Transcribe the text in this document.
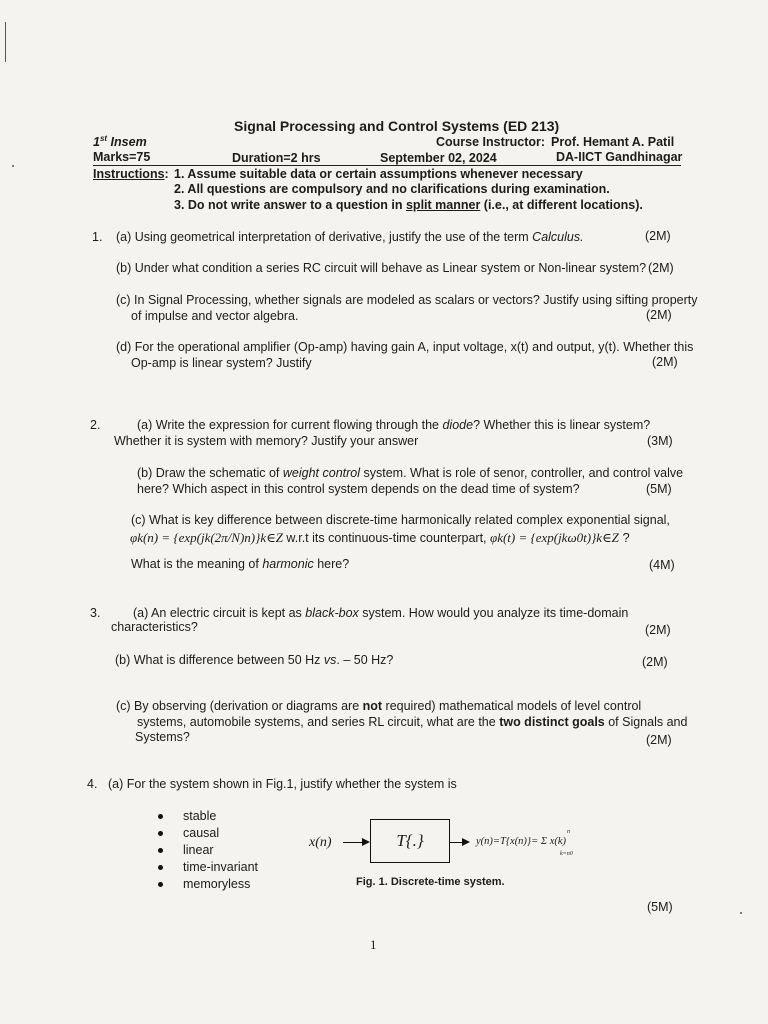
Signal Processing and Control Systems (ED 213)
1st Insem	Course Instructor: Prof. Hemant A. Patil
Marks=75	Duration=2 hrs	September 02, 2024	DA-IICT Gandhinagar
Instructions: 1. Assume suitable data or certain assumptions whenever necessary
2. All questions are compulsory and no clarifications during examination.
3. Do not write answer to a question in split manner (i.e., at different locations).
1. (a) Using geometrical interpretation of derivative, justify the use of the term Calculus.	(2M)
(b) Under what condition a series RC circuit will behave as Linear system or Non-linear system? (2M)
(c) In Signal Processing, whether signals are modeled as scalars or vectors? Justify using sifting property
of impulse and vector algebra.	(2M)
(d) For the operational amplifier (Op-amp) having gain A, input voltage, x(t) and output, y(t). Whether this
Op-amp is linear system? Justify	(2M)
2.	(a) Write the expression for current flowing through the diode? Whether this is linear system?
Whether it is system with memory? Justify your answer	(3M)
(b) Draw the schematic of weight control system. What is role of senor, controller, and control valve
here? Which aspect in this control system depends on the dead time of system?	(5M)
(c) What is key difference between discrete-time harmonically related complex exponential signal,
φk(n) = {exp(jk(2π/N)n)}k∈Z w.r.t its continuous-time counterpart, φk(t) = {exp(jkω0t)}k∈Z ?
What is the meaning of harmonic here?	(4M)
3.	(a) An electric circuit is kept as black-box system. How would you analyze its time-domain
characteristics?	(2M)
(b) What is difference between 50 Hz vs. – 50 Hz?	(2M)
(c) By observing (derivation or diagrams are not required) mathematical models of level control
systems, automobile systems, and series RL circuit, what are the two distinct goals of Signals and
Systems?	(2M)
4. (a) For the system shown in Fig.1, justify whether the system is
stable
causal
linear
time-invariant
memoryless
x(n)	T{.}	y(n)=T{x(n)}= Σ x(k)
n
k=n0
Fig. 1. Discrete-time system.
(5M)
1
